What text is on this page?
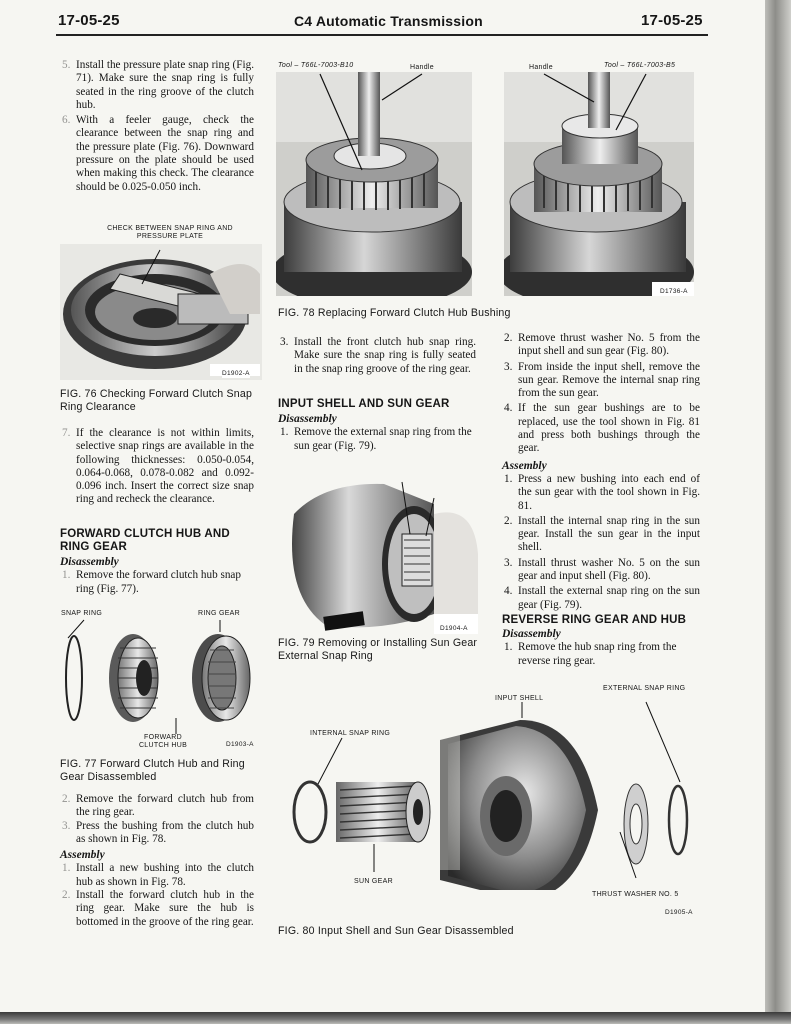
17-05-25	C4 Automatic Transmission	17-05-25

5. Install the pressure plate snap ring (Fig. 71). Make sure the snap ring is fully seated in the ring groove of the clutch hub.

6. With a feeler gauge, check the clearance between the snap ring and the pressure plate (Fig. 76). Downward pressure on the plate should be used when making this check. The clearance should be 0.025-0.050 inch.

CHECK BETWEEN SNAP RING AND PRESSURE PLATE
D1902-A
FIG. 76 Checking Forward Clutch Snap Ring Clearance

7. If the clearance is not within limits, selective snap rings are available in the following thicknesses: 0.050-0.054, 0.064-0.068, 0.078-0.082 and 0.092-0.096 inch. Insert the correct size snap ring and recheck the clearance.

FORWARD CLUTCH HUB AND RING GEAR

Disassembly

1. Remove the forward clutch hub snap ring (Fig. 77).

SNAP RING	RING GEAR
FORWARD CLUTCH HUB	D1903-A
FIG. 77 Forward Clutch Hub and Ring Gear Disassembled

2. Remove the forward clutch hub from the ring gear.

3. Press the bushing from the clutch hub as shown in Fig. 78.

Assembly

1. Install a new bushing into the clutch hub as shown in Fig. 78.

2. Install the forward clutch hub in the ring gear. Make sure the hub is bottomed in the groove of the ring gear.

Tool – T66L-7003-B10	Handle	Handle	Tool – T66L-7003-B5
D1736-A
FIG. 78 Replacing Forward Clutch Hub Bushing

3. Install the front clutch hub snap ring. Make sure the snap ring is fully seated in the snap ring groove of the ring gear.

INPUT SHELL AND SUN GEAR

Disassembly

1. Remove the external snap ring from the sun gear (Fig. 79).

D1904-A
FIG. 79 Removing or Installing Sun Gear External Snap Ring

2. Remove thrust washer No. 5 from the input shell and sun gear (Fig. 80).

3. From inside the input shell, remove the sun gear. Remove the internal snap ring from the sun gear.

4. If the sun gear bushings are to be replaced, use the tool shown in Fig. 81 and press both bushings through the gear.

Assembly

1. Press a new bushing into each end of the sun gear with the tool shown in Fig. 81.

2. Install the internal snap ring in the sun gear. Install the sun gear in the input shell.

3. Install thrust washer No. 5 on the sun gear and input shell (Fig. 80).

4. Install the external snap ring on the sun gear (Fig. 79).

REVERSE RING GEAR AND HUB

Disassembly

1. Remove the hub snap ring from the reverse ring gear.

EXTERNAL SNAP RING
INPUT SHELL
INTERNAL SNAP RING
SUN GEAR
THRUST WASHER NO. 5
D1905-A
FIG. 80 Input Shell and Sun Gear Disassembled
